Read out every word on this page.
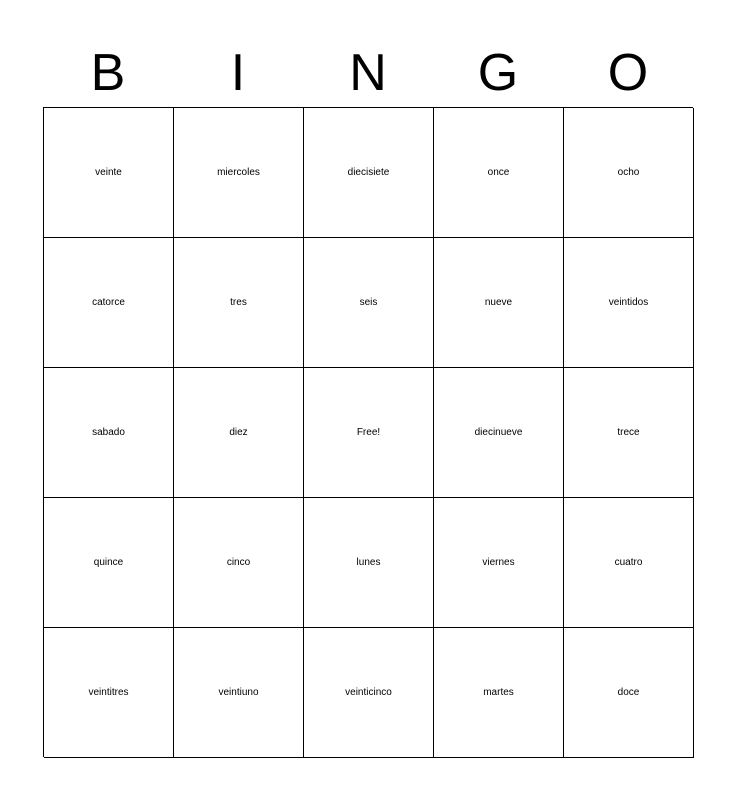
B	I	N	G	O
veinte	miercoles	diecisiete	once	ocho
catorce	tres	seis	nueve	veintidos
sabado	diez	Free!	diecinueve	trece
quince	cinco	lunes	viernes	cuatro
veintitres	veintiuno	veinticinco	martes	doce
